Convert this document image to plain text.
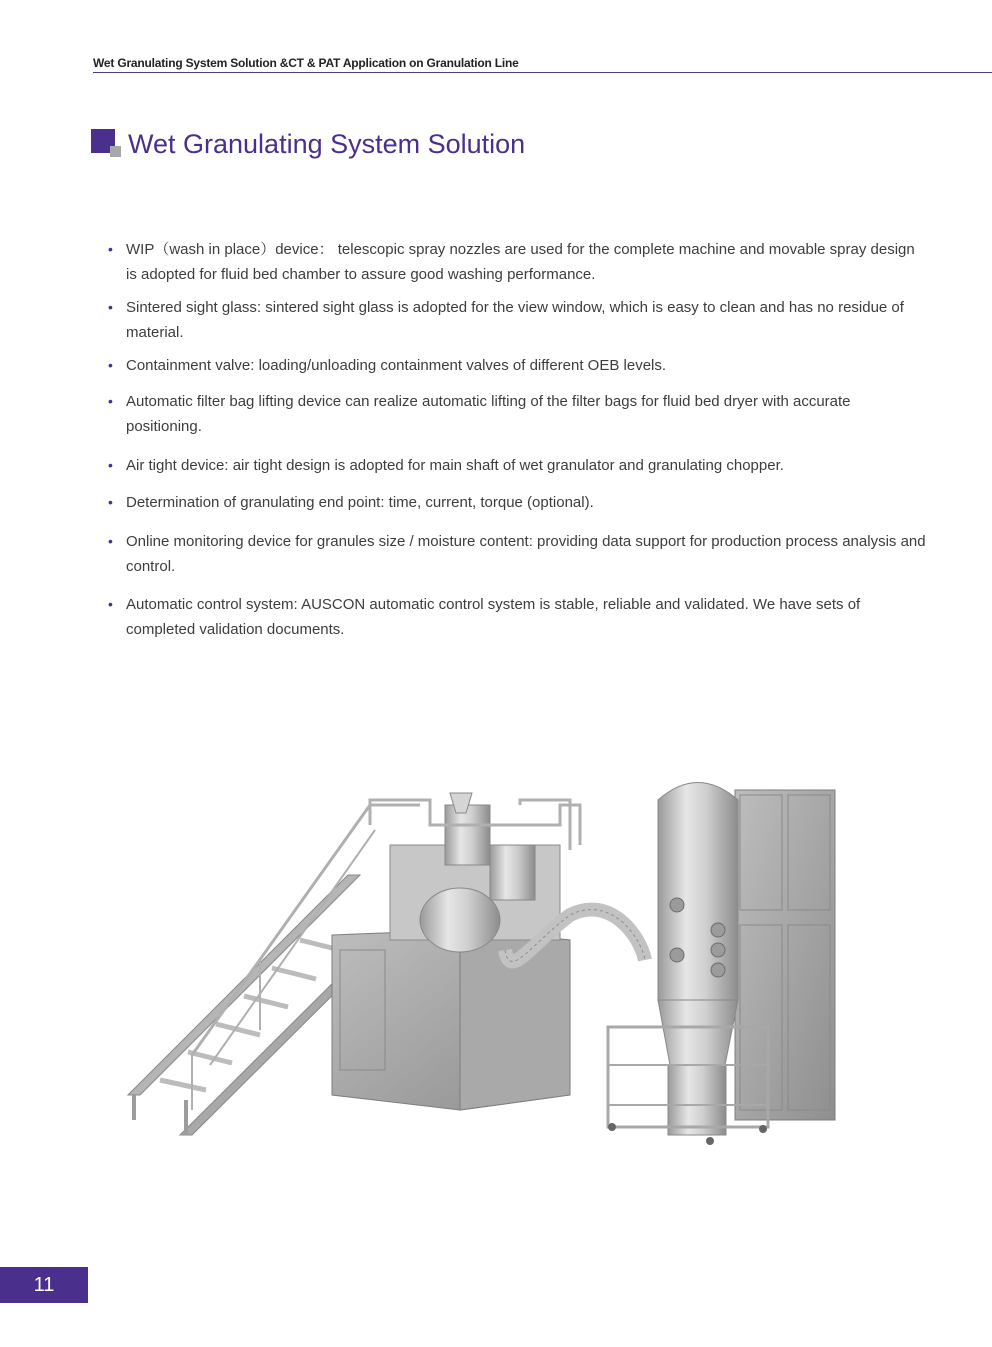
Wet Granulating System Solution &CT & PAT Application on Granulation Line
Wet Granulating System Solution
• WIP（wash in place）device： telescopic spray nozzles are used for the complete machine and movable spray design is adopted for fluid bed chamber to assure good washing performance.
• Sintered sight glass: sintered sight glass is adopted for the view window, which is easy to clean and has no residue of material.
• Containment valve: loading/unloading containment valves of different OEB levels.
• Automatic filter bag lifting device can realize automatic lifting of the filter bags for fluid bed dryer with accurate positioning.
• Air tight device: air tight design is adopted for main shaft of wet granulator and granulating chopper.
• Determination of granulating end point: time, current, torque (optional).
• Online monitoring device for granules size / moisture content: providing data support for production process analysis and control.
• Automatic control system: AUSCON automatic control system is stable, reliable and validated. We have sets of completed validation documents.
11
